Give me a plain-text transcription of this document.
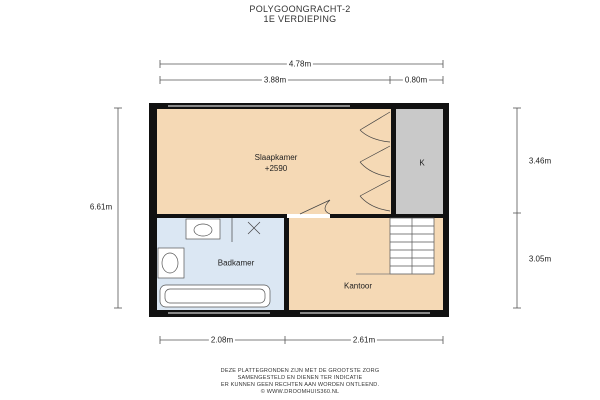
POLYGOONGRACHT-2
1E VERDIEPING
4.78m
3.88m	0.80m
6.61m
3.46m
3.05m
2.08m	2.61m
Slaapkamer
+2590
K
Badkamer
Kantoor
DEZE PLATTEGRONDEN ZIJN MET DE GROOTSTE ZORG
SAMENGESTELD EN DIENEN TER INDICATIE
ER KUNNEN GEEN RECHTEN AAN WORDEN ONTLEEND.
© WWW.DROOMHUIS360.NL
